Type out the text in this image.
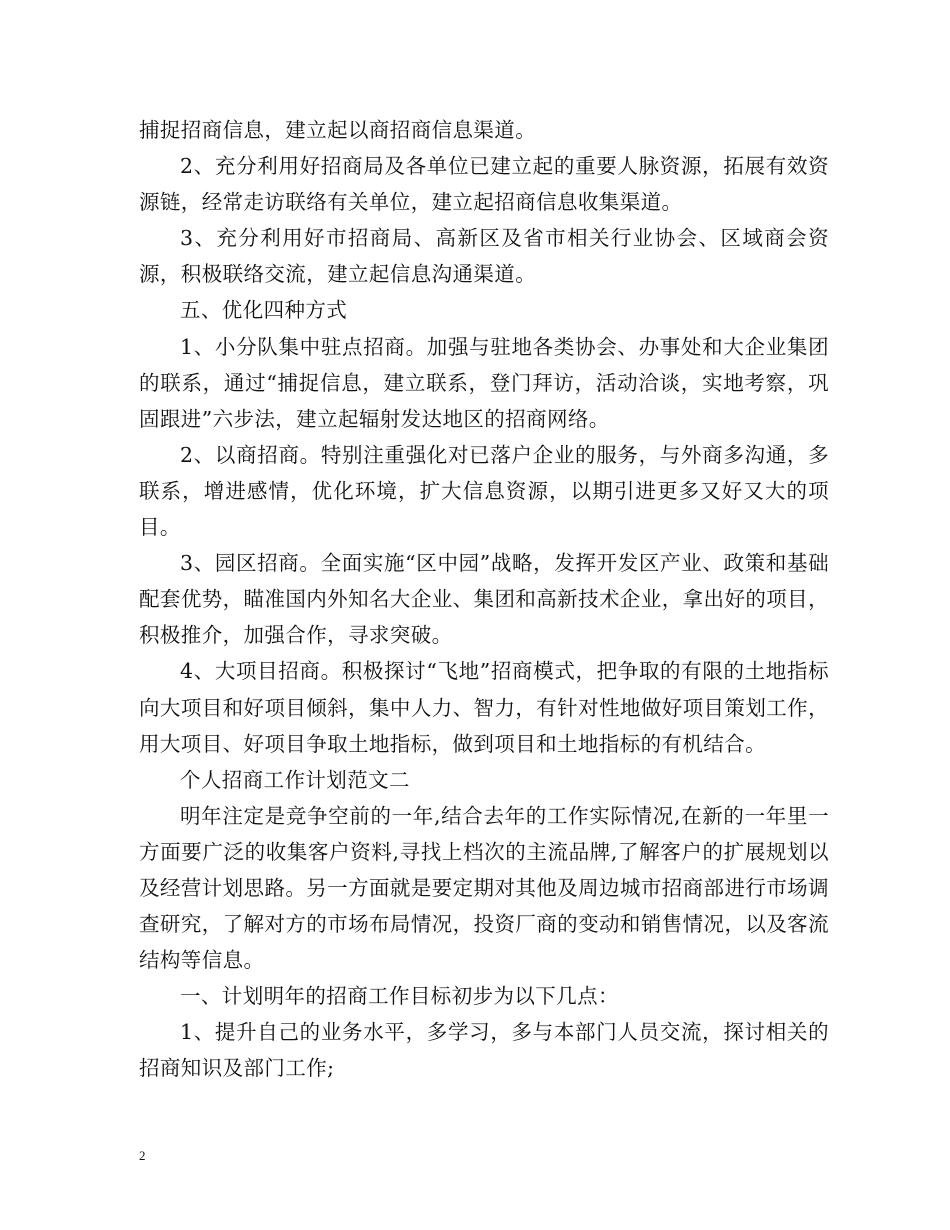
捕捉招商信息，建立起以商招商信息渠道。

2、充分利用好招商局及各单位已建立起的重要人脉资源，拓展有效资源链，经常走访联络有关单位，建立起招商信息收集渠道。

3、充分利用好市招商局、高新区及省市相关行业协会、区域商会资源，积极联络交流，建立起信息沟通渠道。

五、优化四种方式

1、小分队集中驻点招商。加强与驻地各类协会、办事处和大企业集团的联系，通过“捕捉信息，建立联系，登门拜访，活动洽谈，实地考察，巩固跟进”六步法，建立起辐射发达地区的招商网络。

2、以商招商。特别注重强化对已落户企业的服务，与外商多沟通，多联系，增进感情，优化环境，扩大信息资源，以期引进更多又好又大的项目。

3、园区招商。全面实施“区中园”战略，发挥开发区产业、政策和基础配套优势，瞄准国内外知名大企业、集团和高新技术企业，拿出好的项目，积极推介，加强合作，寻求突破。

4、大项目招商。积极探讨“飞地”招商模式，把争取的有限的土地指标向大项目和好项目倾斜，集中人力、智力，有针对性地做好项目策划工作，用大项目、好项目争取土地指标，做到项目和土地指标的有机结合。

个人招商工作计划范文二

明年注定是竞争空前的一年,结合去年的工作实际情况,在新的一年里一方面要广泛的收集客户资料,寻找上档次的主流品牌,了解客户的扩展规划以及经营计划思路。另一方面就是要定期对其他及周边城市招商部进行市场调查研究，了解对方的市场布局情况，投资厂商的变动和销售情况，以及客流结构等信息。

一、计划明年的招商工作目标初步为以下几点：

1、提升自己的业务水平，多学习，多与本部门人员交流，探讨相关的招商知识及部门工作;

2
